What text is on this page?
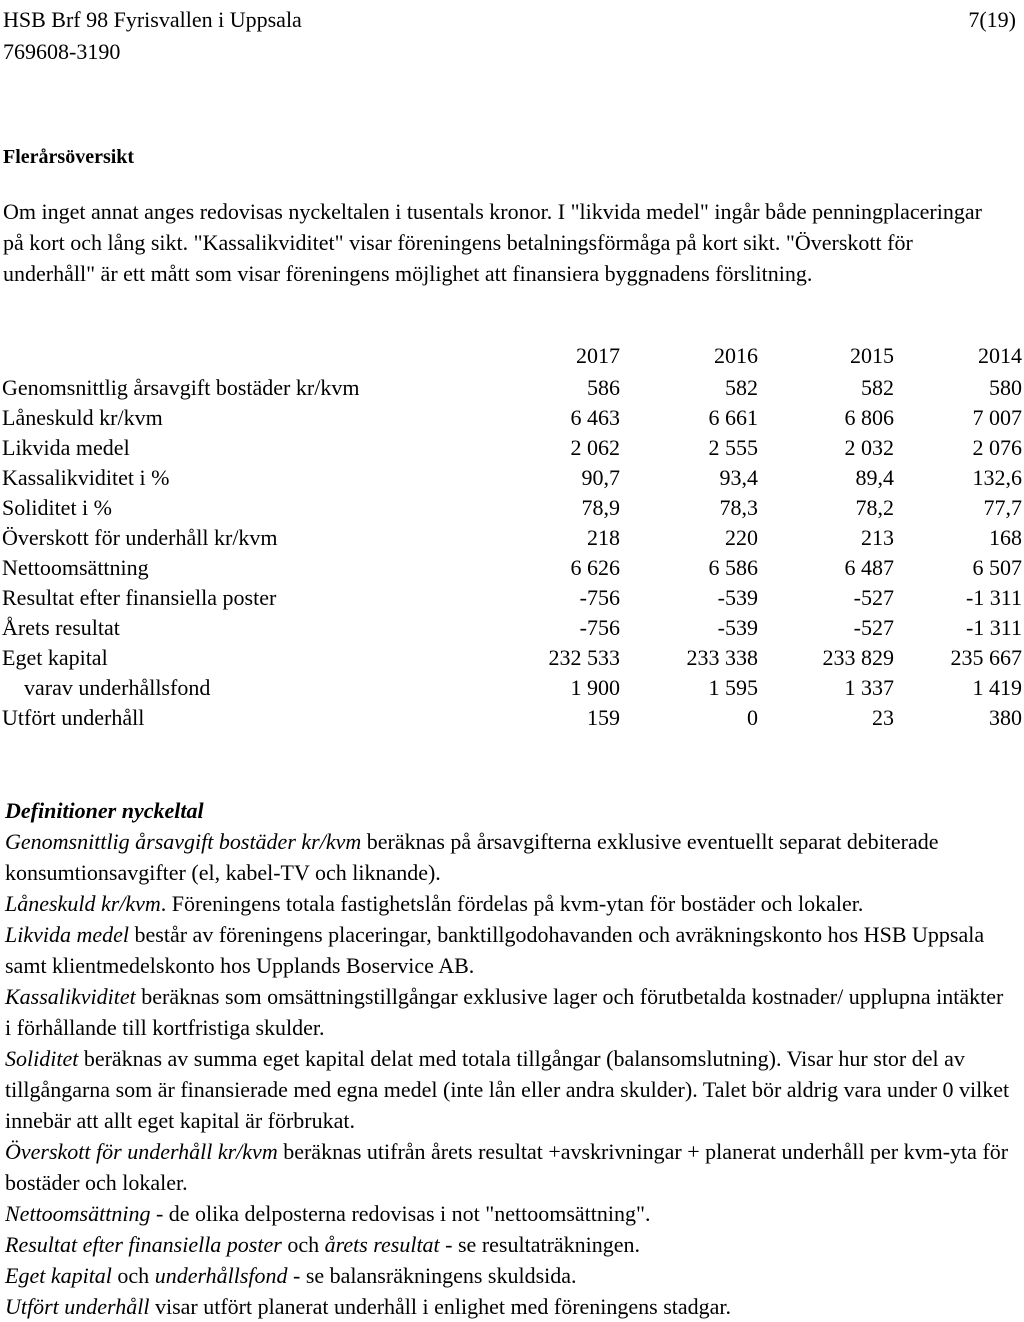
HSB Brf 98 Fyrisvallen i Uppsala
769608-3190
7(19)
Flerårsöversikt
Om inget annat anges redovisas nyckeltalen i tusentals kronor. I "likvida medel" ingår både penningplaceringar på kort och lång sikt. "Kassalikviditet" visar föreningens betalningsförmåga på kort sikt. "Överskott för underhåll" är ett mått som visar föreningens möjlighet att finansiera byggnadens förslitning.
	2017	2016	2015	2014
Genomsnittlig årsavgift bostäder kr/kvm	586	582	582	580
Låneskuld kr/kvm	6 463	6 661	6 806	7 007
Likvida medel	2 062	2 555	2 032	2 076
Kassalikviditet i %	90,7	93,4	89,4	132,6
Soliditet i %	78,9	78,3	78,2	77,7
Överskott för underhåll kr/kvm	218	220	213	168
Nettoomsättning	6 626	6 586	6 487	6 507
Resultat efter finansiella poster	-756	-539	-527	-1 311
Årets resultat	-756	-539	-527	-1 311
Eget kapital	232 533	233 338	233 829	235 667
varav underhållsfond	1 900	1 595	1 337	1 419
Utfört underhåll	159	0	23	380

Definitioner nyckeltal

Genomsnittlig årsavgift bostäder kr/kvm beräknas på årsavgifterna exklusive eventuellt separat debiterade konsumtionsavgifter (el, kabel-TV och liknande).

Låneskuld kr/kvm. Föreningens totala fastighetslån fördelas på kvm-ytan för bostäder och lokaler.

Likvida medel består av föreningens placeringar, banktillgodohavanden och avräkningskonto hos HSB Uppsala samt klientmedelskonto hos Upplands Boservice AB.

Kassalikviditet beräknas som omsättningstillgångar exklusive lager och förutbetalda kostnader/ upplupna intäkter i förhållande till kortfristiga skulder.

Soliditet beräknas av summa eget kapital delat med totala tillgångar (balansomslutning). Visar hur stor del av tillgångarna som är finansierade med egna medel (inte lån eller andra skulder). Talet bör aldrig vara under 0 vilket innebär att allt eget kapital är förbrukat.

Överskott för underhåll kr/kvm beräknas utifrån årets resultat +avskrivningar + planerat underhåll per kvm-yta för bostäder och lokaler.

Nettoomsättning - de olika delposterna redovisas i not "nettoomsättning".

Resultat efter finansiella poster och årets resultat - se resultaträkningen.

Eget kapital och underhållsfond - se balansräkningens skuldsida.

Utfört underhåll visar utfört planerat underhåll i enlighet med föreningens stadgar.
